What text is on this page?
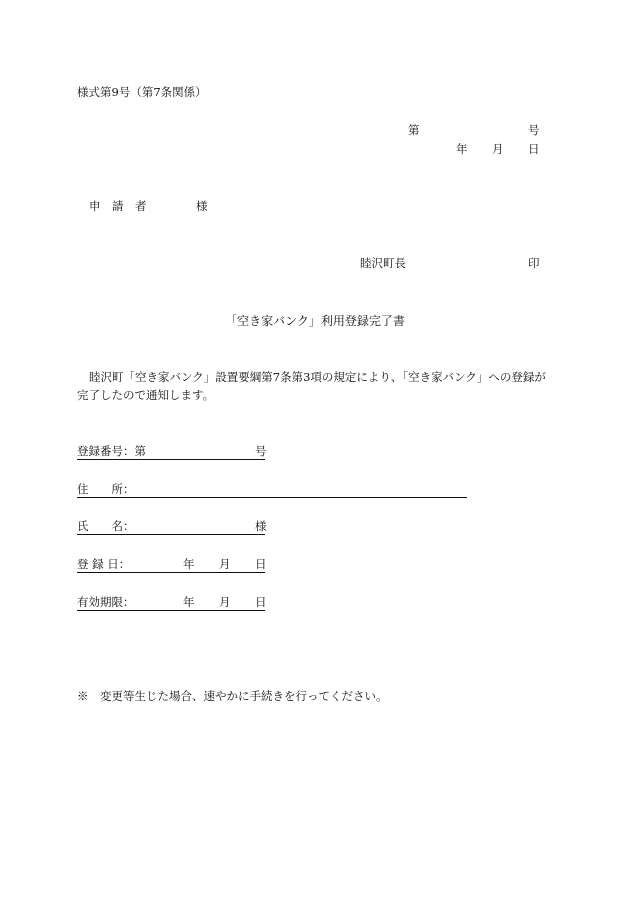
様式第9号（第7条関係）
第	号
年 月 日
申　請　者	様
睦沢町長	印
「空き家バンク」利用登録完了書
睦沢町「空き家バンク」設置要綱第7条第3項の規定により、「空き家バンク」への登録が
完了したので通知します。
登録番号：第	号
住　　所：
氏　　名：	様
登 録 日：	年 月 日
有効期限：	年 月 日
※　変更等生じた場合、速やかに手続きを行ってください。
